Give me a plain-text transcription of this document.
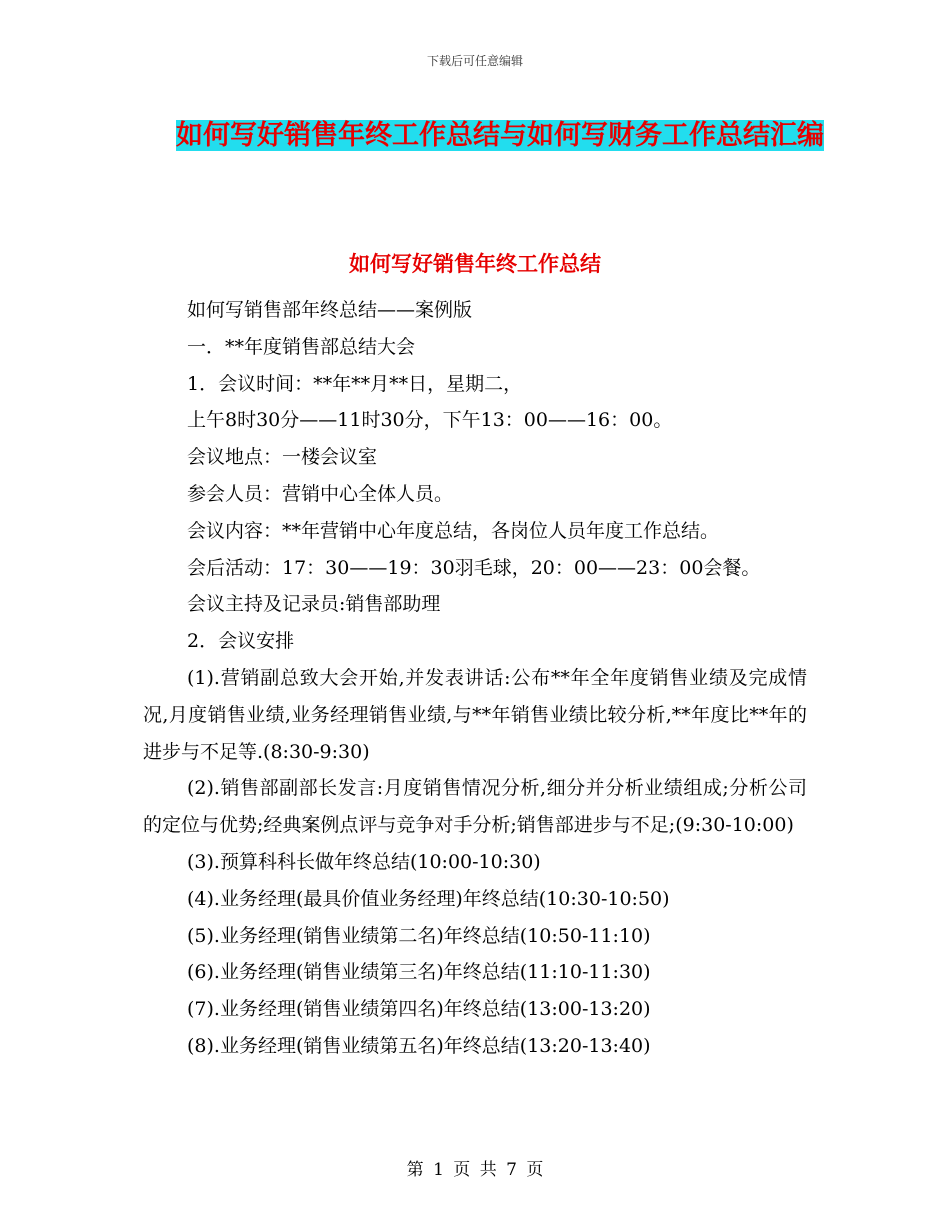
下载后可任意编辑
如何写好销售年终工作总结与如何写财务工作总结汇编
如何写好销售年终工作总结
如何写销售部年终总结——案例版
一．**年度销售部总结大会
1．会议时间：**年**月**日，星期二，
上午8时30分——11时30分，下午13：00——16：00。
会议地点：一楼会议室
参会人员：营销中心全体人员。
会议内容：**年营销中心年度总结，各岗位人员年度工作总结。
会后活动：17：30——19：30羽毛球，20：00——23：00会餐。
会议主持及记录员:销售部助理
2．会议安排
(1).营销副总致大会开始,并发表讲话:公布**年全年度销售业绩及完成情况,月度销售业绩,业务经理销售业绩,与**年销售业绩比较分析,**年度比**年的进步与不足等.(8:30-9:30)
(2).销售部副部长发言:月度销售情况分析,细分并分析业绩组成;分析公司的定位与优势;经典案例点评与竞争对手分析;销售部进步与不足;(9:30-10:00)
(3).预算科科长做年终总结(10:00-10:30)
(4).业务经理(最具价值业务经理)年终总结(10:30-10:50)
(5).业务经理(销售业绩第二名)年终总结(10:50-11:10)
(6).业务经理(销售业绩第三名)年终总结(11:10-11:30)
(7).业务经理(销售业绩第四名)年终总结(13:00-13:20)
(8).业务经理(销售业绩第五名)年终总结(13:20-13:40)
第 1 页 共 7 页
